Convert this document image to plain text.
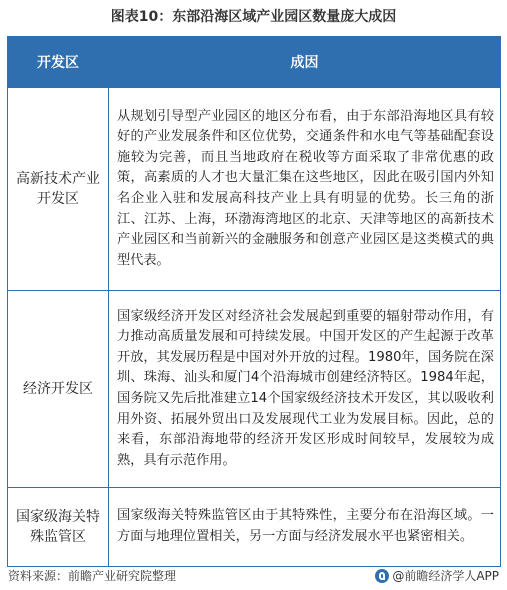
图表10：东部沿海区域产业园区数量庞大成因
开发区	成因
高新技术产业开发区	从规划引导型产业园区的地区分布看，由于东部沿海地区具有较好的产业发展条件和区位优势，交通条件和水电气等基础配套设施较为完善，而且当地政府在税收等方面采取了非常优惠的政策，高素质的人才也大量汇集在这些地区，因此在吸引国内外知名企业入驻和发展高科技产业上具有明显的优势。长三角的浙江、江苏、上海，环渤海湾地区的北京、天津等地区的高新技术产业园区和当前新兴的金融服务和创意产业园区是这类模式的典型代表。
经济开发区	国家级经济开发区对经济社会发展起到重要的辐射带动作用，有力推动高质量发展和可持续发展。中国开发区的产生起源于改革开放，其发展历程是中国对外开放的过程。1980年，国务院在深圳、珠海、汕头和厦门4个沿海城市创建经济特区。1984年起，国务院又先后批准建立14个国家级经济技术开发区，其以吸收利用外资、拓展外贸出口及发展现代工业为发展目标。因此，总的来看，东部沿海地带的经济开发区形成时间较早，发展较为成熟，具有示范作用。
国家级海关特殊监管区	国家级海关特殊监管区由于其特殊性，主要分布在沿海区域。一方面与地理位置相关，另一方面与经济发展水平也紧密相关。
资料来源：前瞻产业研究院整理	@前瞻经济学人APP
